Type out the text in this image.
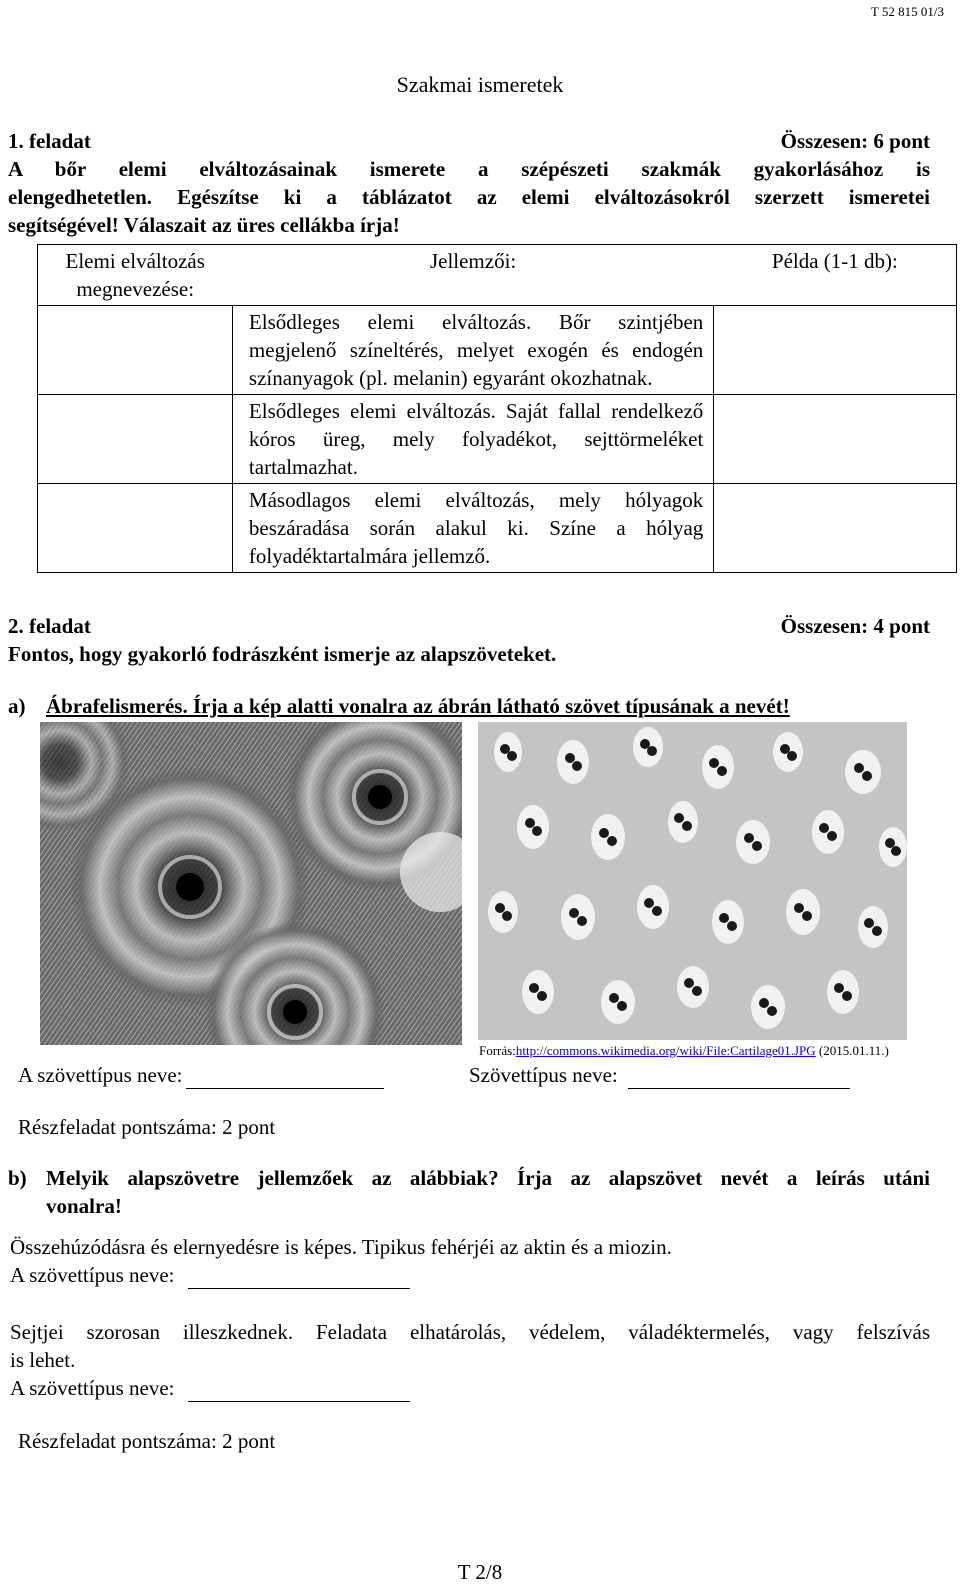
T 52 815 01/3
Szakmai ismeretek
1. feladat	Összesen: 6 pont
A bőr elemi elváltozásainak ismerete a szépészeti szakmák gyakorlásához is
elengedhetetlen. Egészítse ki a táblázatot az elemi elváltozásokról szerzett ismeretei
segítségével! Válaszait az üres cellákba írja!
Elemi elváltozás megnevezése:	Jellemzői:	Példa (1-1 db):
	Elsődleges elemi elváltozás. Bőr szintjében megjelenő színeltérés, melyet exogén és endogén színanyagok (pl. melanin) egyaránt okozhatnak.	
	Elsődleges elemi elváltozás. Saját fallal rendelkező kóros üreg, mely folyadékot, sejttörmeléket tartalmazhat.	
	Másodlagos elemi elváltozás, mely hólyagok beszáradása során alakul ki. Színe a hólyag folyadéktartalmára jellemző.	
2. feladat	Összesen: 4 pont
Fontos, hogy gyakorló fodrászként ismerje az alapszöveteket.
a) Ábrafelismerés. Írja a kép alatti vonalra az ábrán látható szövet típusának a nevét!
Forrás:http://commons.wikimedia.org/wiki/File:Cartilage01.JPG (2015.01.11.)
A szövettípus neve:	Szövettípus neve:
Részfeladat pontszáma: 2 pont
b) Melyik alapszövetre jellemzőek az alábbiak? Írja az alapszövet nevét a leírás utáni
vonalra!
Összehúzódásra és elernyedésre is képes. Tipikus fehérjéi az aktin és a miozin.
A szövettípus neve:
Sejtjei szorosan illeszkednek. Feladata elhatárolás, védelem, váladéktermelés, vagy felszívás
is lehet.
A szövettípus neve:
Részfeladat pontszáma: 2 pont
T 2/8
